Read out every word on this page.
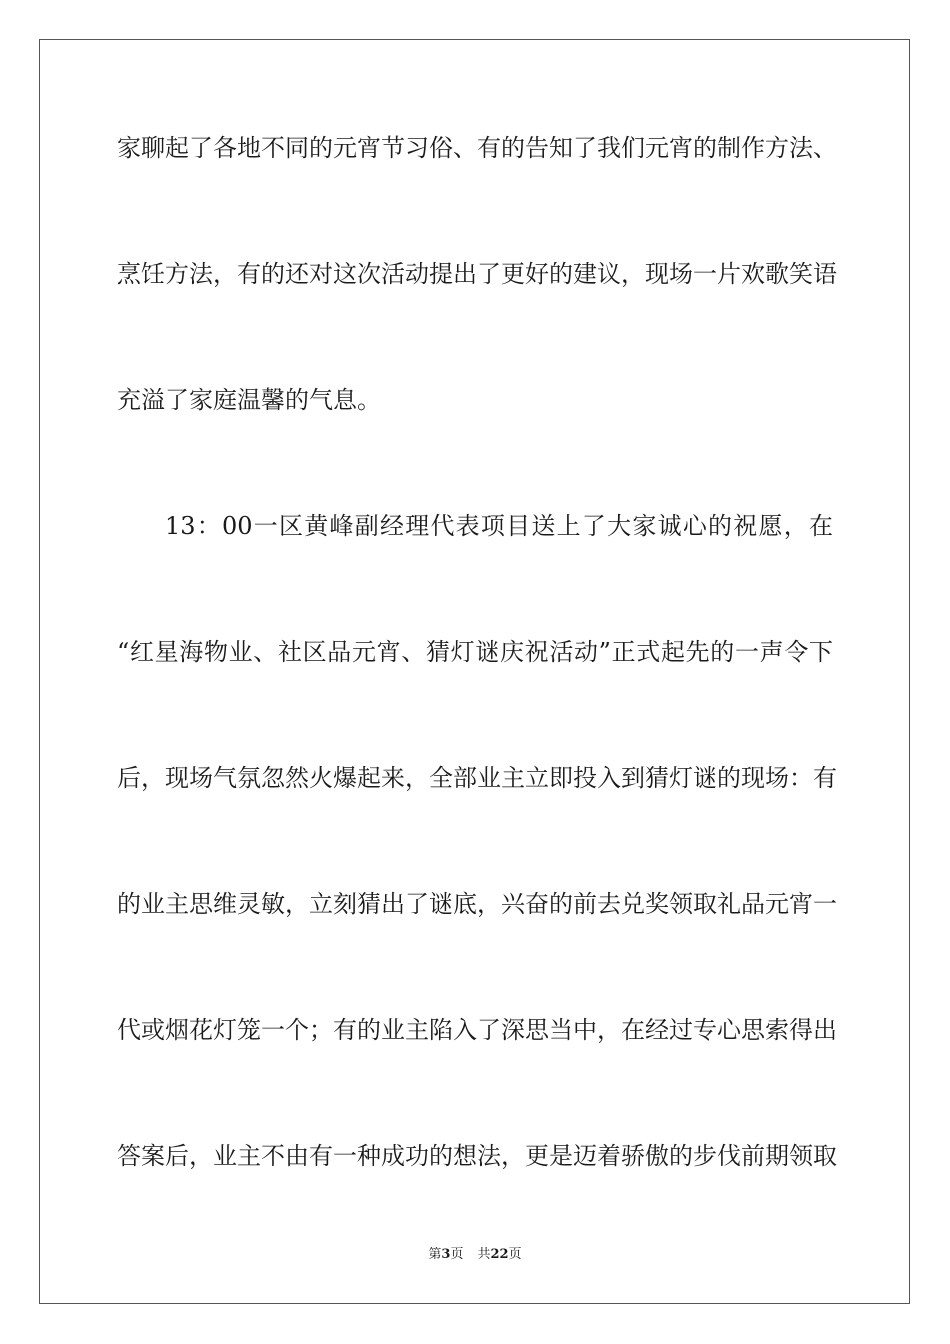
家聊起了各地不同的元宵节习俗、有的告知了我们元宵的制作方法、
烹饪方法，有的还对这次活动提出了更好的建议，现场一片欢歌笑语
充溢了家庭温馨的气息。
13：00一区黄峰副经理代表项目送上了大家诚心的祝愿，在
“红星海物业、社区品元宵、猜灯谜庆祝活动”正式起先的一声令下
后，现场气氛忽然火爆起来，全部业主立即投入到猜灯谜的现场：有
的业主思维灵敏，立刻猜出了谜底，兴奋的前去兑奖领取礼品元宵一
代或烟花灯笼一个；有的业主陷入了深思当中，在经过专心思索得出
答案后，业主不由有一种成功的想法，更是迈着骄傲的步伐前期领取
第3页 共22页
